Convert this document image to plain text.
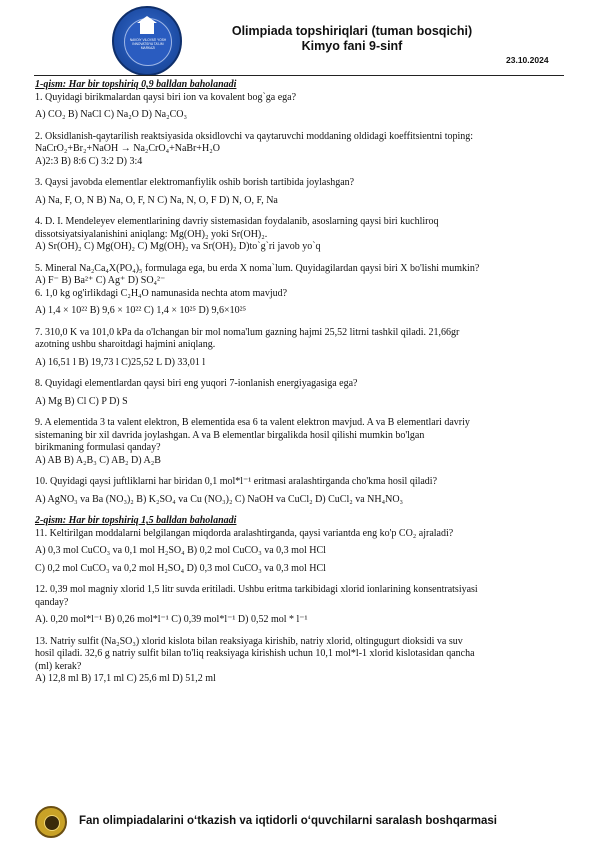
NAVOIY VILOYATI YOSH INNOVATSIYA TA'LIM MARKAZI
Olimpiada topshiriqlari (tuman bosqichi)
Kimyo fani 9-sinf
23.10.2024

1-qism: Har bir topshiriq 0,9 balldan baholanadi

1. Quyidagi birikmalardan qaysi biri ion va kovalent bog`ga ega?

A) CO₂ B) NaCl C) Na₂O D) Na₂CO₃

2. Oksidlanish-qaytarilish reaktsiyasida oksidlovchi va qaytaruvchi moddaning oldidagi koeffitsientni toping:

NaCrO₂+Br₂+NaOH → Na₂CrO₄+NaBr+H₂O

A)2:3 B) 8:6 C) 3:2 D) 3:4

3. Qaysi javobda elementlar elektromanfiylik oshib borish tartibida joylashgan?

A) Na, F, O, N B) Na, O, F, N C) Na, N, O, F D) N, O, F, Na

4. D. I. Mendeleyev elementlarining davriy sistemasidan foydalanib, asoslarning qaysi biri kuchliroq

dissotsiyatsiyalanishini aniqlang: Mg(OH)₂ yoki Sr(OH)₂.

A) Sr(OH)₂ C) Mg(OH)₂ C) Mg(OH)₂ va Sr(OH)₂ D)to`g`ri javob yo`q

5. Mineral Na₂Ca₄X(PO₄)₅ formulaga ega, bu erda X noma`lum. Quyidagilardan qaysi biri X bo'lishi mumkin?

A) F⁻ B) Ba²⁺ C) Ag⁺ D) SO₄²⁻

6. 1,0 kg og'irlikdagi C₂H₄O namunasida nechta atom mavjud?

A) 1,4 × 10²² B) 9,6 × 10²² C) 1,4 × 10²⁵ D) 9,6×10²⁵

7. 310,0 K va 101,0 kPa da o'lchangan bir mol noma'lum gazning hajmi 25,52 litrni tashkil qiladi. 21,66gr

azotning ushbu sharoitdagi hajmini aniqlang.

A) 16,51 l B) 19,73 l C)25,52 L D) 33,01 l

8. Quyidagi elementlardan qaysi biri eng yuqori 7-ionlanish energiyagasiga ega?

A) Mg B) Cl C) P D) S

9. A elementida 3 ta valent elektron, B elementida esa 6 ta valent elektron mavjud. A va B elementlari davriy

sistemaning bir xil davrida joylashgan. A va B elementlar birgalikda hosil qilishi mumkin bo'lgan

birikmaning formulasi qanday?

A) AB B) A₂B₃ C) AB₂ D) A₂B

10. Quyidagi qaysi juftliklarni har biridan 0,1 mol*l⁻¹ eritmasi aralashtirganda cho'kma hosil qiladi?

A) AgNO₃ va Ba (NO₃)₂ B) K₂SO₄ va Cu (NO₃)₂ C) NaOH va CuCl₂ D) CuCl₂ va NH₄NO₃

2-qism: Har bir topshiriq 1,5 balldan baholanadi

11. Keltirilgan moddalarni belgilangan miqdorda aralashtirganda, qaysi variantda eng ko'p CO₂ ajraladi?

A) 0,3 mol CuCO₃ va 0,1 mol H₂SO₄ B) 0,2 mol CuCO₃ va 0,3 mol HCl

C) 0,2 mol CuCO₃ va 0,2 mol H₂SO₄ D) 0,3 mol CuCO₃ va 0,3 mol HCl

12. 0,39 mol magniy xlorid 1,5 litr suvda eritiladi. Ushbu eritma tarkibidagi xlorid ionlarining konsentratsiyasi

qanday?

A). 0,20 mol*l⁻¹ B) 0,26 mol*l⁻¹ C) 0,39 mol*l⁻¹ D) 0,52 mol * l⁻¹

13. Natriy sulfit (Na₂SO₃) xlorid kislota bilan reaksiyaga kirishib, natriy xlorid, oltingugurt dioksidi va suv

hosil qiladi. 32,6 g natriy sulfit bilan to'liq reaksiyaga kirishish uchun 10,1 mol*l-1 xlorid kislotasidan qancha

(ml) kerak?

A) 12,8 ml B) 17,1 ml C) 25,6 ml D) 51,2 ml

Fan olimpiadalarini o‘tkazish va iqtidorli o‘quvchilarni saralash boshqarmasi
